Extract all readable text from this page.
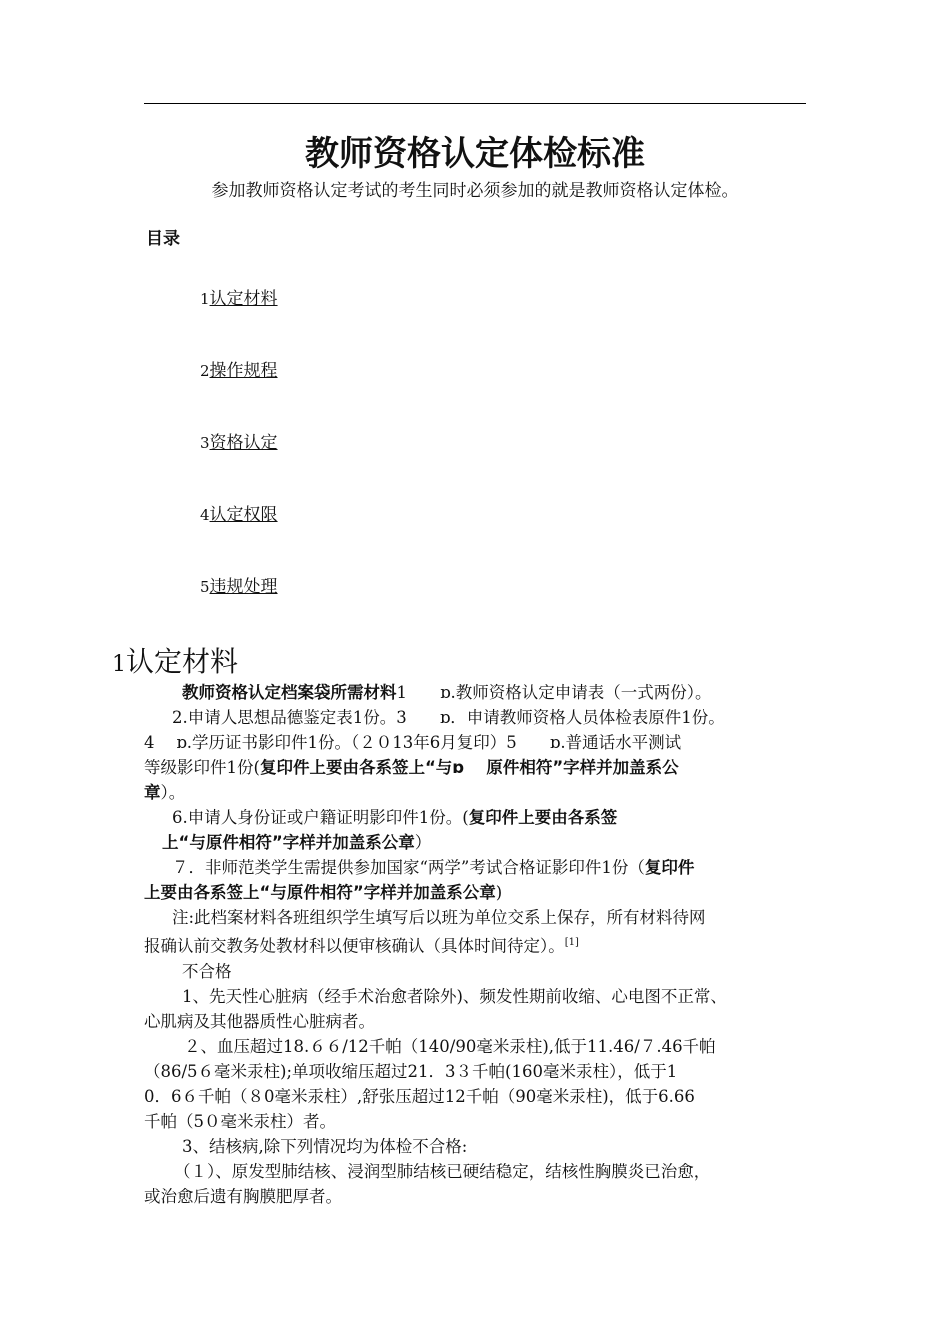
教师资格认定体检标准
参加教师资格认定考试的考生同时必须参加的就是教师资格认定体检。
目录
1认定材料
2操作规程
3资格认定
4认定权限
5违规处理
1认定材料

教师资格认定档案袋所需材料1　　ɒ.教师资格认定申请表（一式两份）。

2.申请人思想品德鉴定表1份。3　　ɒ．申请教师资格人员体检表原件1份。

4　 ɒ.学历证书影印件1份。（２０13年6月复印）5　　ɒ.普通话水平测试

等级影印件1份(复印件上要由各系签上“与ɒ　 原件相符”字样并加盖系公

章）。

6.申请人身份证或户籍证明影印件1份。(复印件上要由各系签

上“与原件相符”字样并加盖系公章）

７．非师范类学生需提供参加国家“两学”考试合格证影印件1份（复印件

上要由各系签上“与原件相符”字样并加盖系公章)

注:此档案材料各班组织学生填写后以班为单位交系上保存，所有材料待网

报确认前交教务处教材科以便审核确认（具体时间待定）。[1]

不合格

1、先天性心脏病（经手术治愈者除外)、频发性期前收缩、心电图不正常、

心肌病及其他器质性心脏病者。

２、血压超过18.６６/12千帕（140/90毫米汞柱),低于11.46/７.46千帕

（86/5６毫米汞柱);单项收缩压超过21．3３千帕(160毫米汞柱），低于1

0．6６千帕（８0毫米汞柱）,舒张压超过12千帕（90毫米汞柱)，低于6.66

千帕（5０毫米汞柱）者。

3、结核病,除下列情况均为体检不合格:

（１）、原发型肺结核、浸润型肺结核已硬结稳定，结核性胸膜炎已治愈，

或治愈后遗有胸膜肥厚者。
